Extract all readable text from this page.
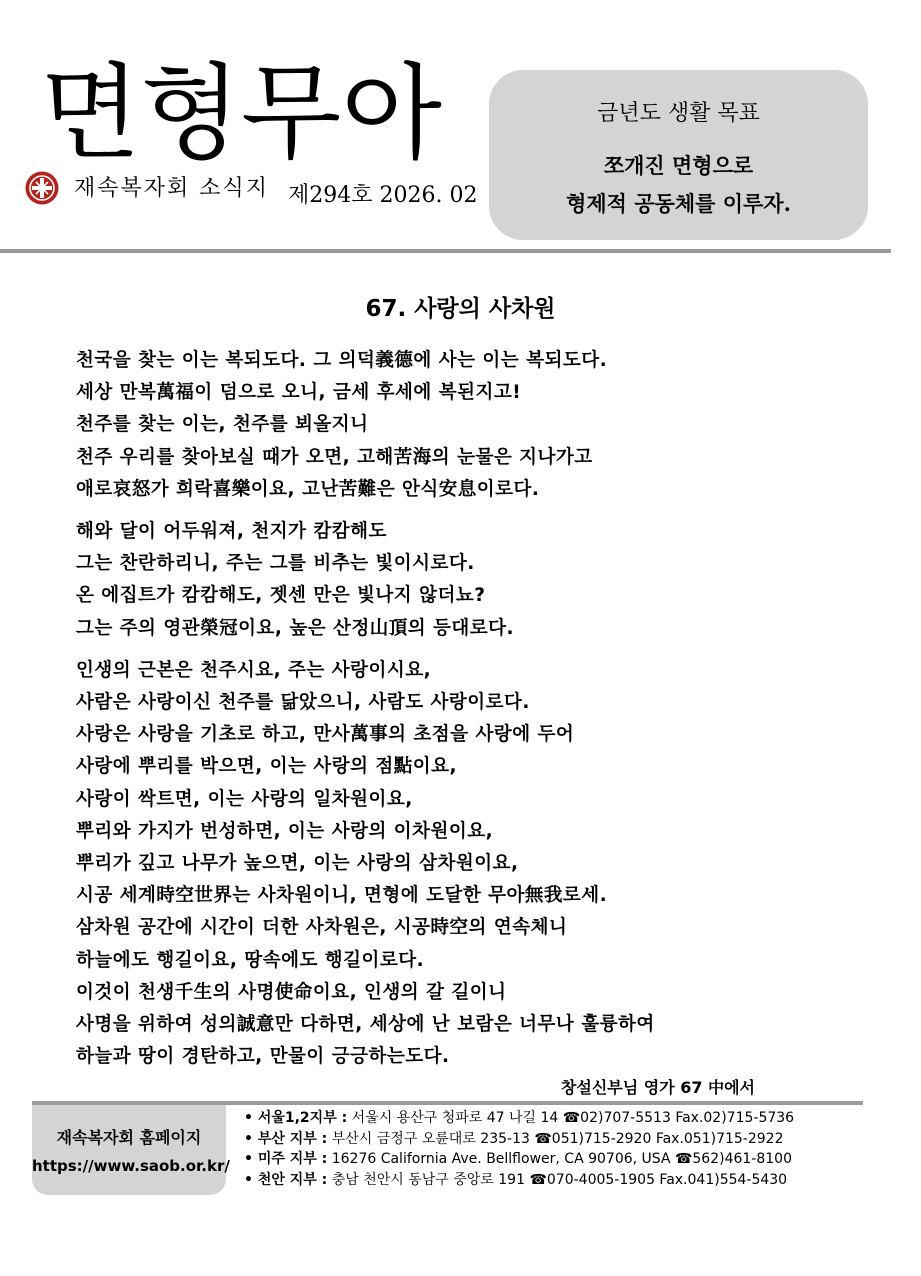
면형무아
재속복자회 소식지 제294호 2026. 02
금년도 생활 목표
쪼개진 면형으로
형제적 공동체를 이루자.
67. 사랑의 사차원
천국을 찾는 이는 복되도다. 그 의덕義德에 사는 이는 복되도다.
세상 만복萬福이 덤으로 오니, 금세 후세에 복된지고!
천주를 찾는 이는, 천주를 뵈올지니
천주 우리를 찾아보실 때가 오면, 고해苦海의 눈물은 지나가고
애로哀怒가 희락喜樂이요, 고난苦難은 안식安息이로다.
해와 달이 어두워져, 천지가 캄캄해도
그는 찬란하리니, 주는 그를 비추는 빛이시로다.
온 에집트가 캄캄해도, 젯센 만은 빛나지 않더뇨?
그는 주의 영관榮冠이요, 높은 산정山頂의 등대로다.
인생의 근본은 천주시요, 주는 사랑이시요,
사람은 사랑이신 천주를 닮았으니, 사람도 사랑이로다.
사랑은 사랑을 기초로 하고, 만사萬事의 초점을 사랑에 두어
사랑에 뿌리를 박으면, 이는 사랑의 점點이요,
사랑이 싹트면, 이는 사랑의 일차원이요,
뿌리와 가지가 번성하면, 이는 사랑의 이차원이요,
뿌리가 깊고 나무가 높으면, 이는 사랑의 삼차원이요,
시공 세계時空世界는 사차원이니, 면형에 도달한 무아無我로세.
삼차원 공간에 시간이 더한 사차원은, 시공時空의 연속체니
하늘에도 행길이요, 땅속에도 행길이로다.
이것이 천생千生의 사명使命이요, 인생의 갈 길이니
사명을 위하여 성의誠意만 다하면, 세상에 난 보람은 너무나 훌륭하여
하늘과 땅이 경탄하고, 만물이 긍긍하는도다.
창설신부님 영가 67 中에서
재속복자회 홈페이지
https://www.saob.or.kr/
• 서울1,2지부 : 서울시 용산구 청파로 47 나길 14 ☎02)707-5513 Fax.02)715-5736
• 부산 지부 : 부산시 금정구 오륜대로 235-13 ☎051)715-2920 Fax.051)715-2922
• 미주 지부 : 16276 California Ave. Bellflower, CA 90706, USA ☎562)461-8100
• 천안 지부 : 충남 천안시 동남구 중앙로 191 ☎070-4005-1905 Fax.041)554-5430
